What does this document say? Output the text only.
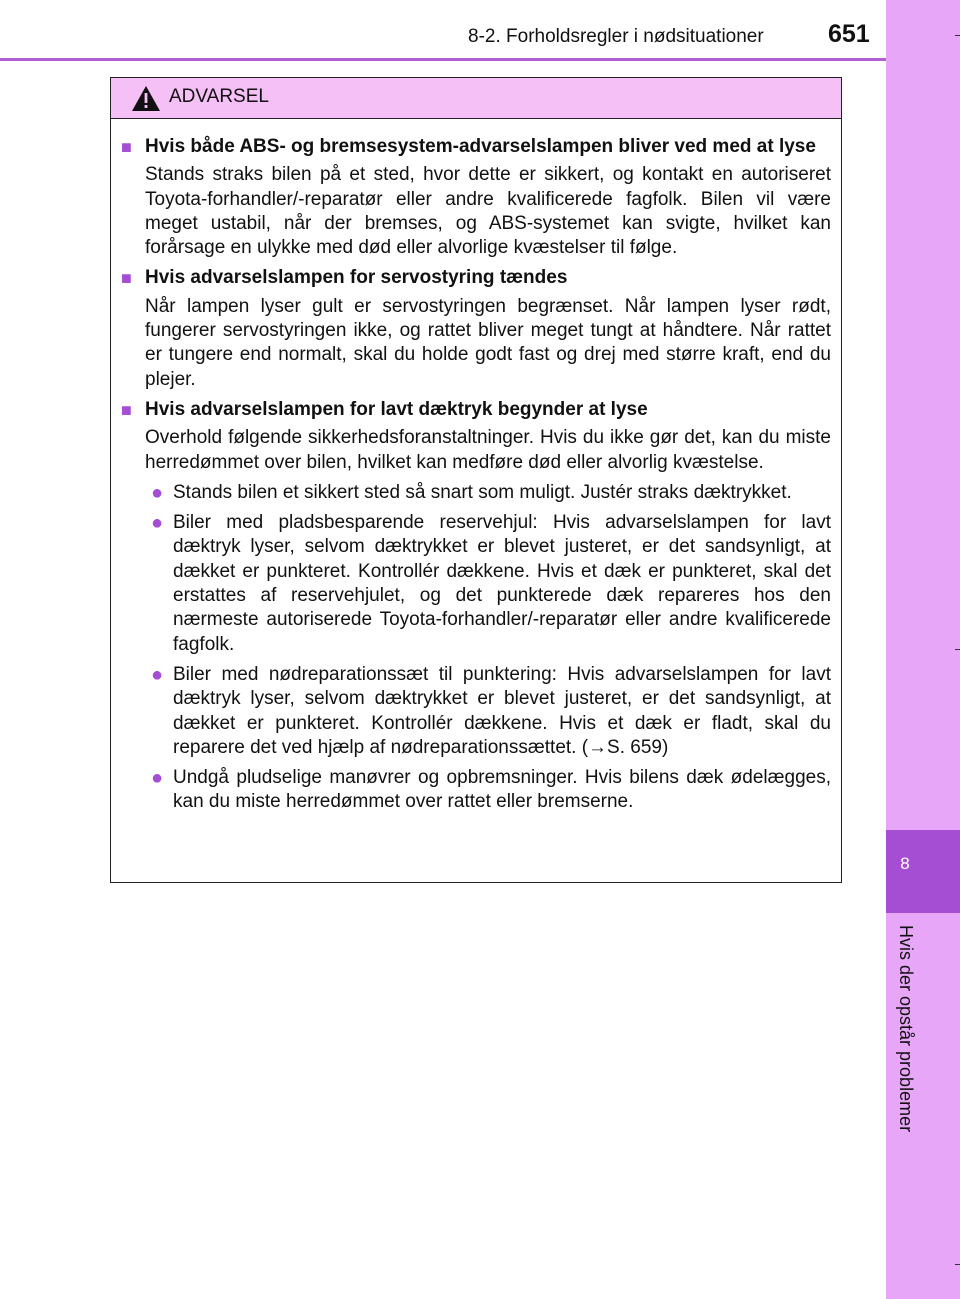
8-2. Forholdsregler i nødsituationer	651
8
Hvis der opstår problemer
ADVARSEL
■ Hvis både ABS- og bremsesystem-advarselslampen bliver ved med at lyse
Stands straks bilen på et sted, hvor dette er sikkert, og kontakt en autoriseret Toyota-forhandler/-reparatør eller andre kvalificerede fagfolk. Bilen vil være meget ustabil, når der bremses, og ABS-systemet kan svigte, hvilket kan forårsage en ulykke med død eller alvorlige kvæstelser til følge.
■ Hvis advarselslampen for servostyring tændes
Når lampen lyser gult er servostyringen begrænset. Når lampen lyser rødt, fungerer servostyringen ikke, og rattet bliver meget tungt at håndtere. Når rattet er tungere end normalt, skal du holde godt fast og drej med større kraft, end du plejer.
■ Hvis advarselslampen for lavt dæktryk begynder at lyse
Overhold følgende sikkerhedsforanstaltninger. Hvis du ikke gør det, kan du miste herredømmet over bilen, hvilket kan medføre død eller alvorlig kvæstelse.
● Stands bilen et sikkert sted så snart som muligt. Justér straks dæktrykket.
● Biler med pladsbesparende reservehjul: Hvis advarselslampen for lavt dæktryk lyser, selvom dæktrykket er blevet justeret, er det sandsynligt, at dækket er punkteret. Kontrollér dækkene. Hvis et dæk er punkteret, skal det erstattes af reservehjulet, og det punkterede dæk repareres hos den nærmeste autoriserede Toyota-forhandler/-reparatør eller andre kvalificerede fagfolk.
● Biler med nødreparationssæt til punktering: Hvis advarselslampen for lavt dæktryk lyser, selvom dæktrykket er blevet justeret, er det sandsynligt, at dækket er punkteret. Kontrollér dækkene. Hvis et dæk er fladt, skal du reparere det ved hjælp af nødreparationssættet. (→S. 659)
● Undgå pludselige manøvrer og opbremsninger. Hvis bilens dæk ødelægges, kan du miste herredømmet over rattet eller bremserne.
